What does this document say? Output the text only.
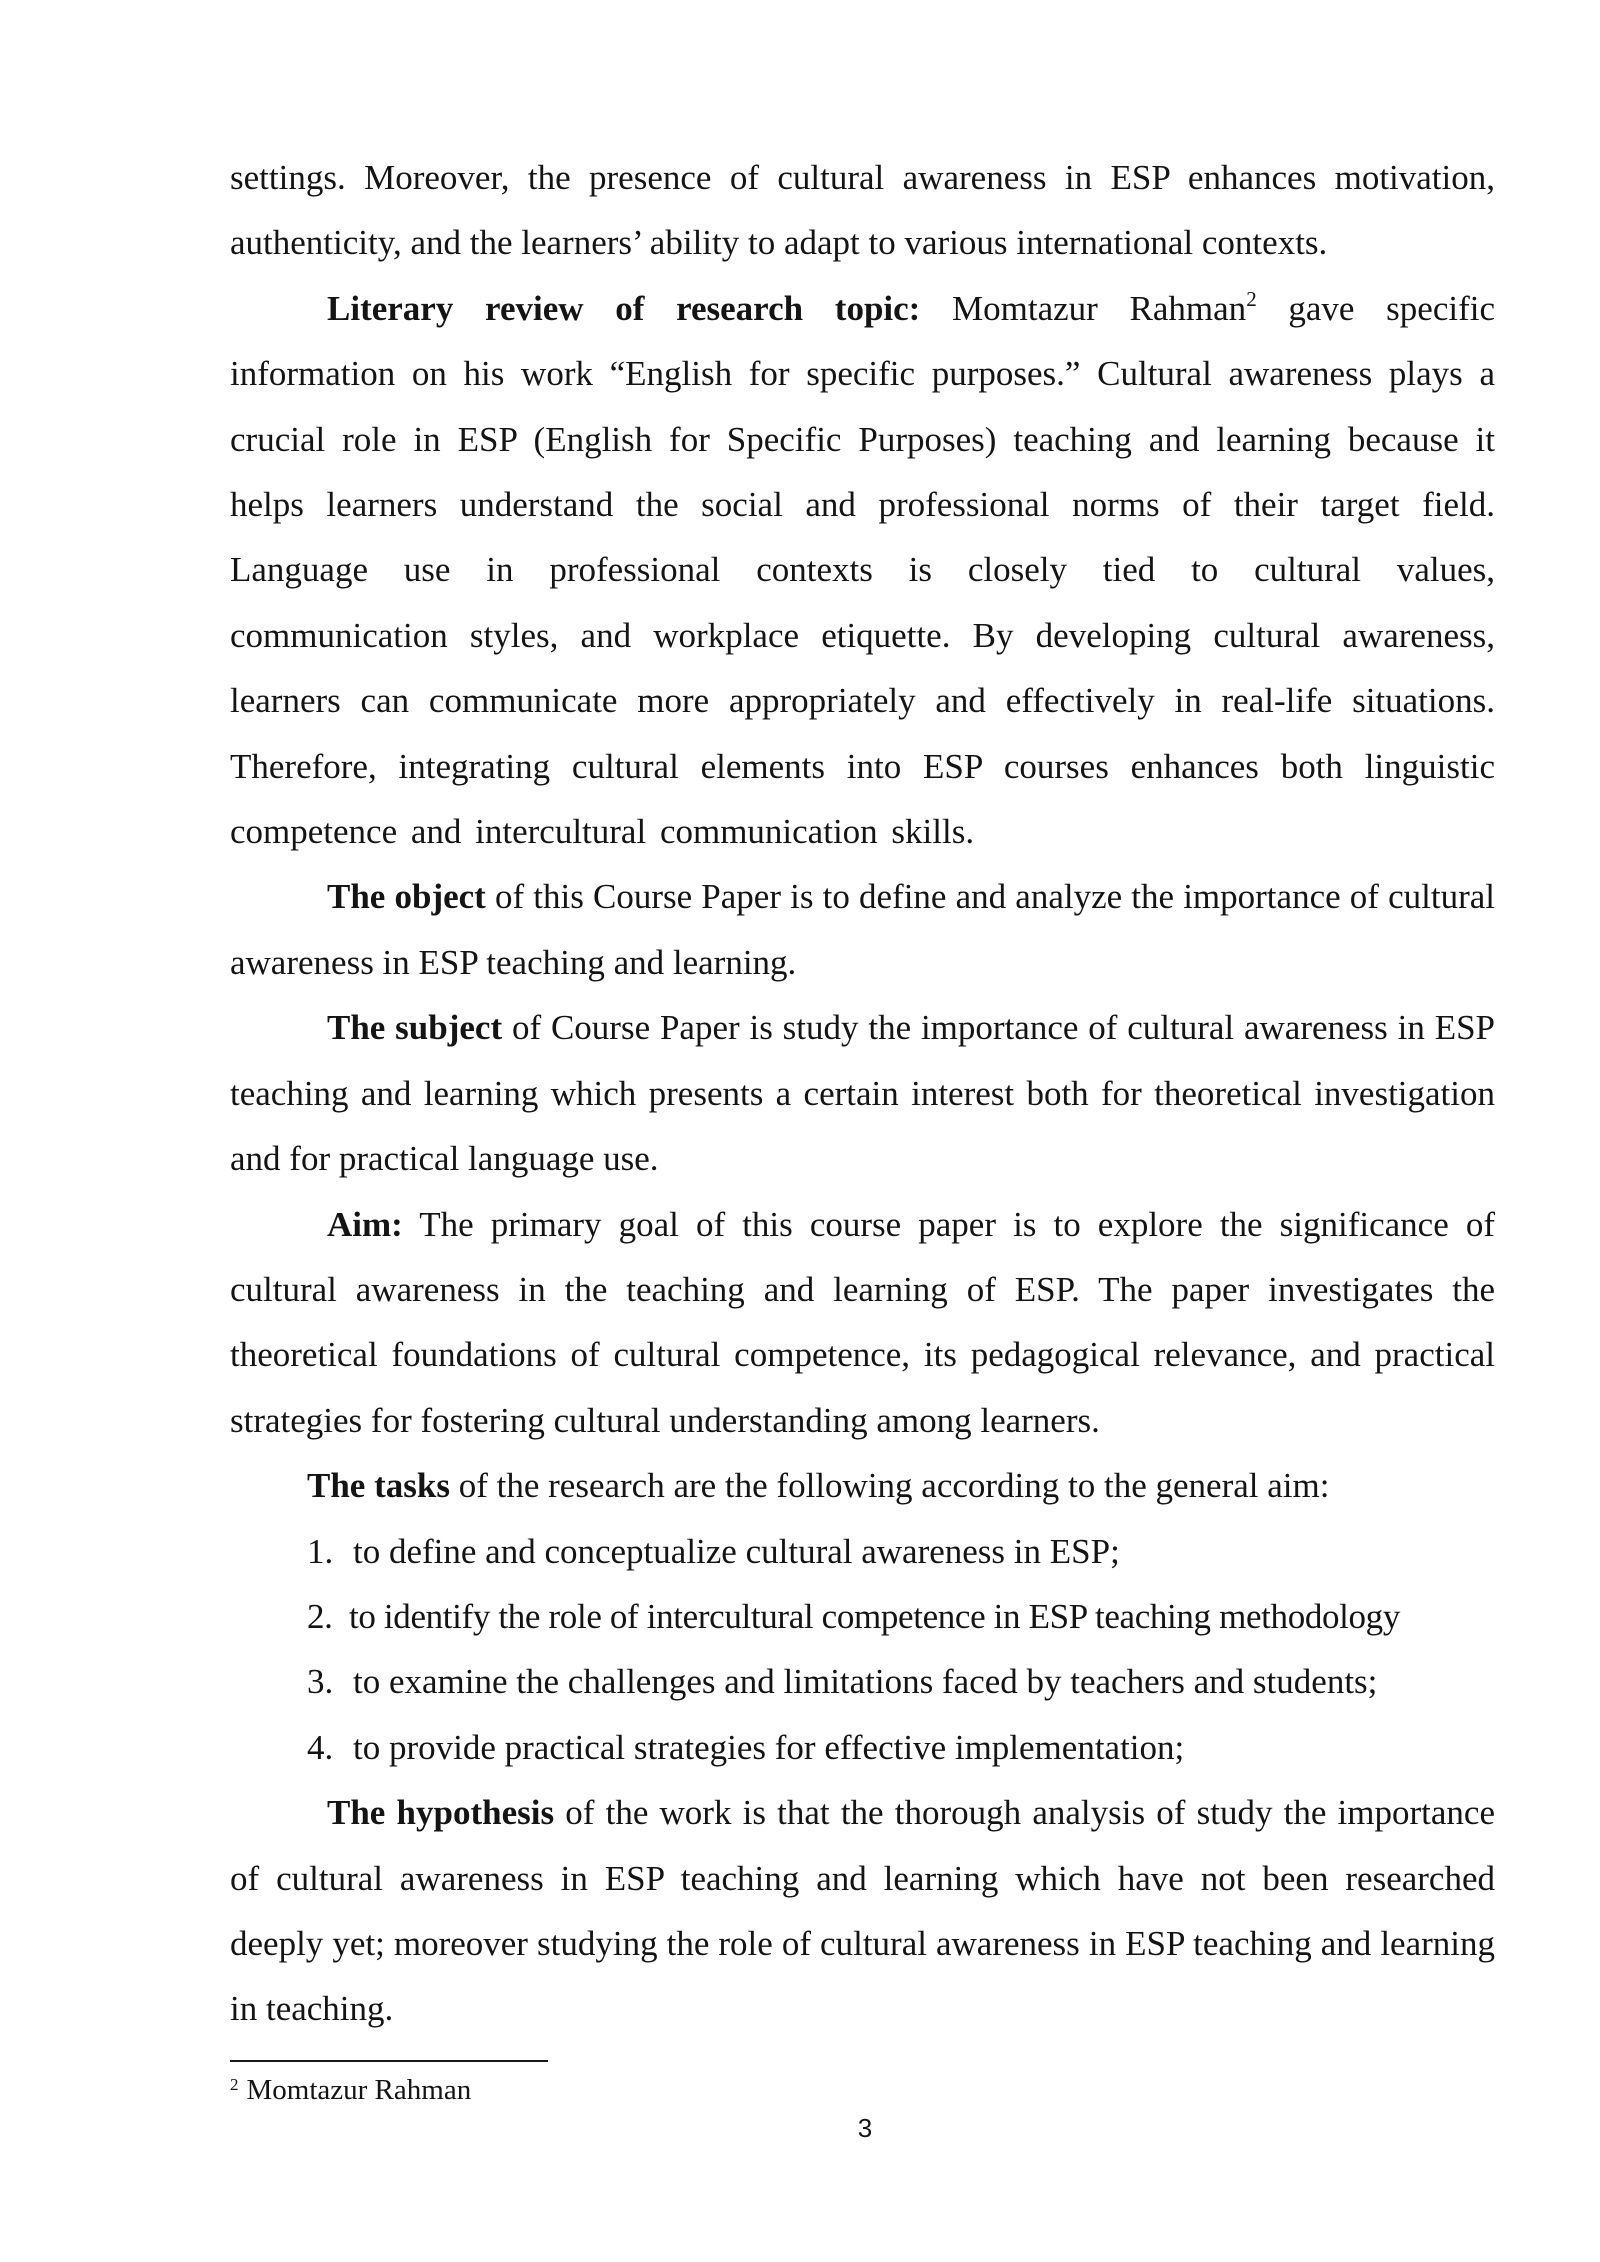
settings. Moreover, the presence of cultural awareness in ESP enhances motivation, authenticity, and the learners’ ability to adapt to various international contexts.

Literary review of research topic: Momtazur Rahman$^2$ gave specific information on his work “English for specific purposes.” Cultural awareness plays a crucial role in ESP (English for Specific Purposes) teaching and learning because it helps learners understand the social and professional norms of their target field. Language use in professional contexts is closely tied to cultural values, communication styles, and workplace etiquette. By developing cultural awareness, learners can communicate more appropriately and effectively in real-life situations. Therefore, integrating cultural elements into ESP courses enhances both linguistic competence and intercultural communication skills.

The object of this Course Paper is to define and analyze the importance of cultural awareness in ESP teaching and learning.

The subject of Course Paper is study the importance of cultural awareness in ESP teaching and learning which presents a certain interest both for theoretical investigation and for practical language use.

Aim: The primary goal of this course paper is to explore the significance of cultural awareness in the teaching and learning of ESP. The paper investigates the theoretical foundations of cultural competence, its pedagogical relevance, and practical strategies for fostering cultural understanding among learners.

The tasks of the research are the following according to the general aim:

1. to define and conceptualize cultural awareness in ESP;

2. to identify the role of intercultural competence in ESP teaching methodology

3. to examine the challenges and limitations faced by teachers and students;

4. to provide practical strategies for effective implementation;

The hypothesis of the work is that the thorough analysis of study the importance of cultural awareness in ESP teaching and learning which have not been researched deeply yet; moreover studying the role of cultural awareness in ESP teaching and learning in teaching.

$^2$ Momtazur Rahman
3
